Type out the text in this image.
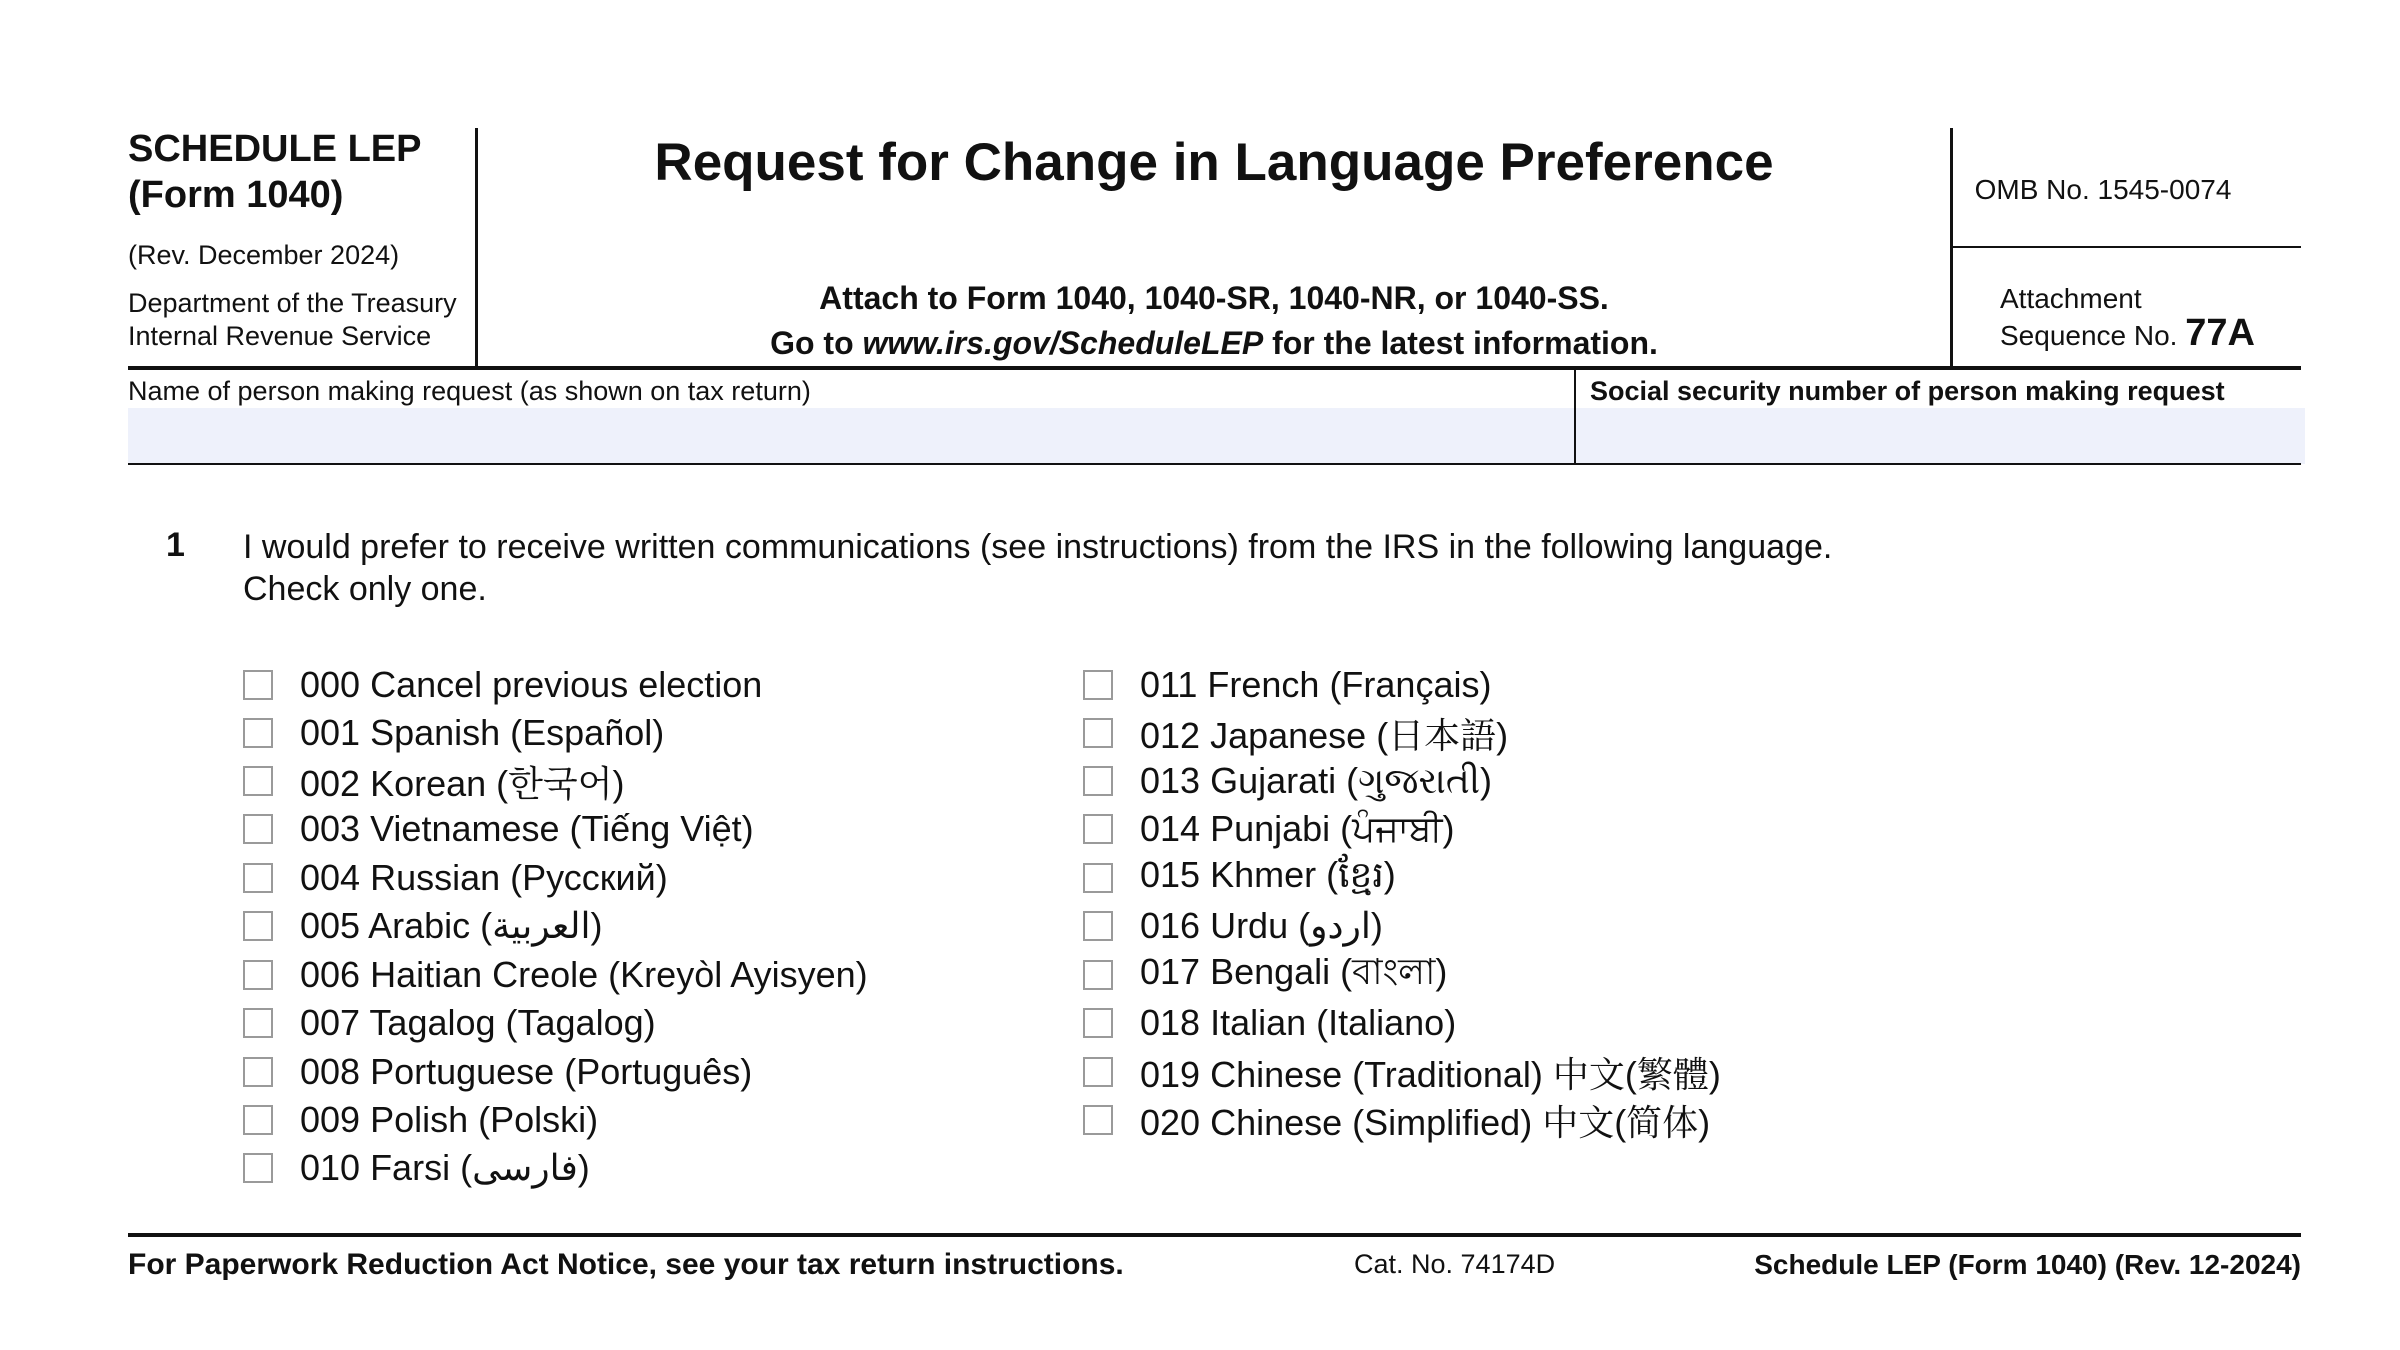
SCHEDULE LEP
(Form 1040)
(Rev. December 2024)
Department of the Treasury
Internal Revenue Service
Request for Change in Language Preference
Attach to Form 1040, 1040-SR, 1040-NR, or 1040-SS.
Go to www.irs.gov/ScheduleLEP for the latest information.
OMB No. 1545-0074
Attachment
Sequence No. 77A
Name of person making request (as shown on tax return)	Social security number of person making request
1 I would prefer to receive written communications (see instructions) from the IRS in the following language.
Check only one.
000 Cancel previous election
001 Spanish (Español)
002 Korean (한국어)
003 Vietnamese (Tiếng Việt)
004 Russian (Русский)
005 Arabic (العربية)
006 Haitian Creole (Kreyòl Ayisyen)
007 Tagalog (Tagalog)
008 Portuguese (Português)
009 Polish (Polski)
010 Farsi (فارسی)
011 French (Français)
012 Japanese (日本語)
013 Gujarati (ગુજરાતી)
014 Punjabi (ਪੰਜਾਬੀ)
015 Khmer (ខ្មែរ)
016 Urdu (اردو)
017 Bengali (বাংলা)
018 Italian (Italiano)
019 Chinese (Traditional) 中文(繁體)
020 Chinese (Simplified) 中文(简体)
For Paperwork Reduction Act Notice, see your tax return instructions.	Cat. No. 74174D	Schedule LEP (Form 1040) (Rev. 12-2024)
